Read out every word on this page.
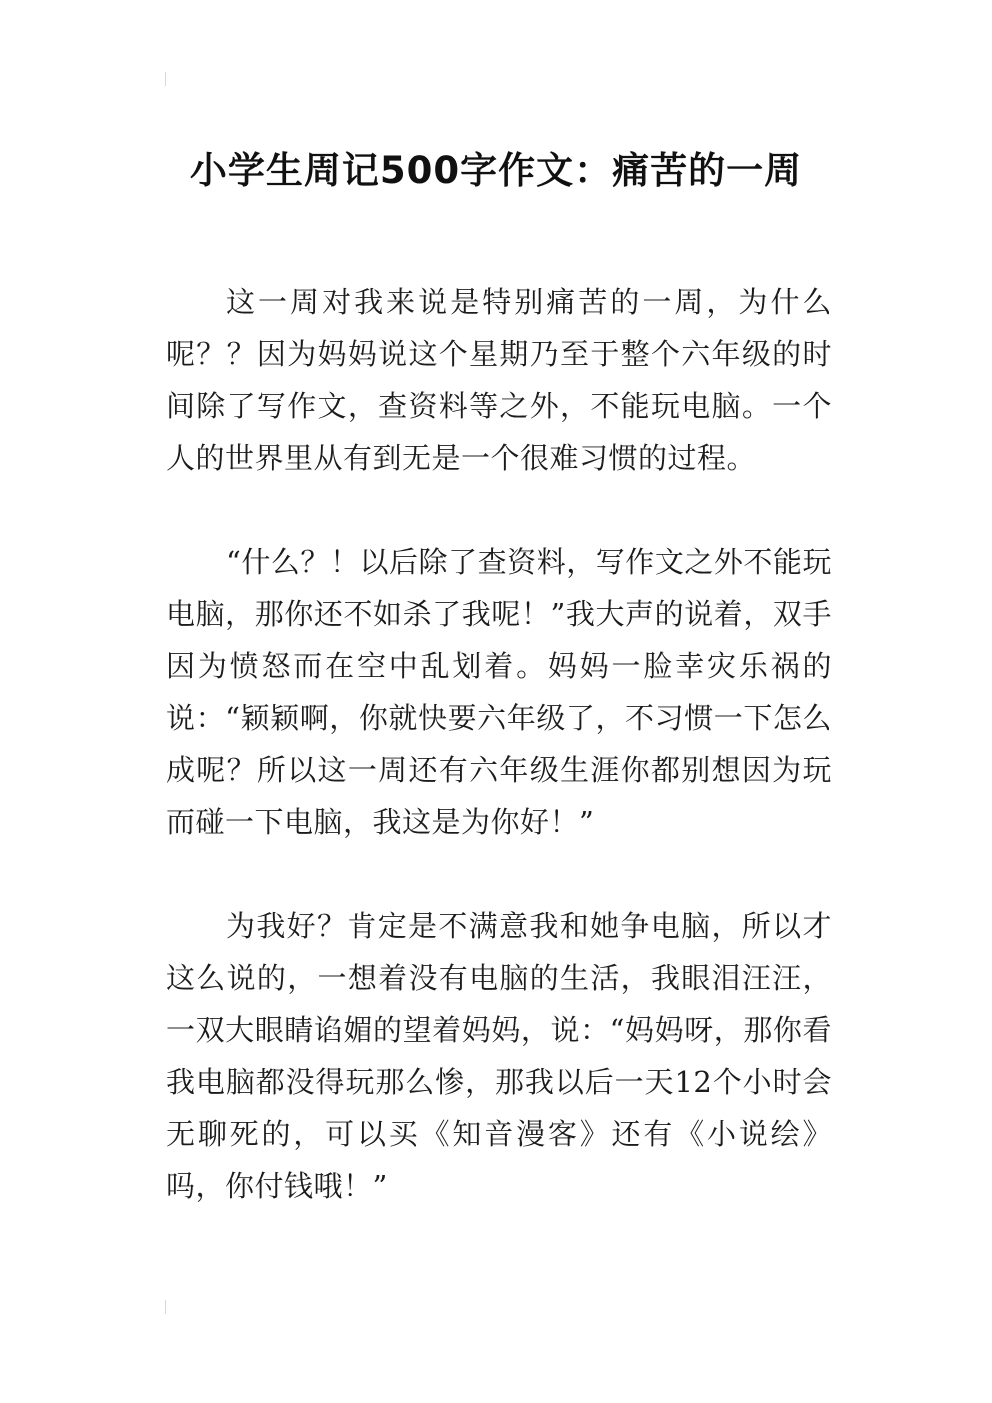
小学生周记500字作文：痛苦的一周

这一周对我来说是特别痛苦的一周，为什么呢？？因为妈妈说这个星期乃至于整个六年级的时间除了写作文，查资料等之外，不能玩电脑。一个人的世界里从有到无是一个很难习惯的过程。

“什么？！以后除了查资料，写作文之外不能玩电脑，那你还不如杀了我呢！”我大声的说着，双手因为愤怒而在空中乱划着。妈妈一脸幸灾乐祸的说：“颖颖啊，你就快要六年级了，不习惯一下怎么成呢？所以这一周还有六年级生涯你都别想因为玩而碰一下电脑，我这是为你好！”

为我好？肯定是不满意我和她争电脑，所以才这么说的，一想着没有电脑的生活，我眼泪汪汪，一双大眼睛谄媚的望着妈妈，说：“妈妈呀，那你看我电脑都没得玩那么惨，那我以后一天12个小时会无聊死的，可以买《知音漫客》还有《小说绘》吗，你付钱哦！”
